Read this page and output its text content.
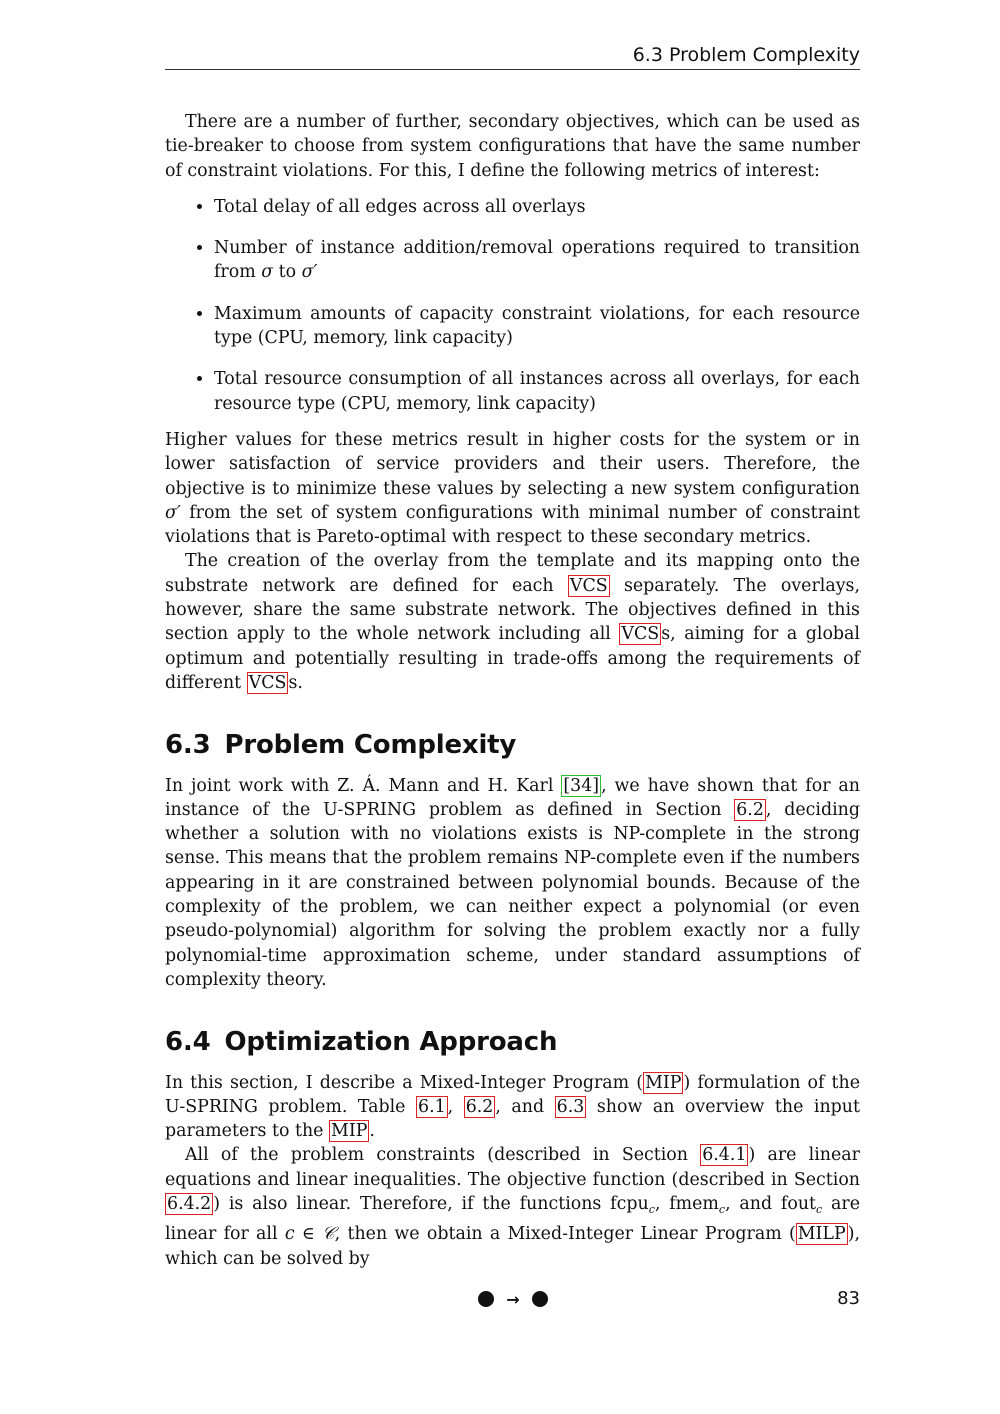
6.3 Problem Complexity

There are a number of further, secondary objectives, which can be used as tie-breaker to choose from system configurations that have the same number of constraint violations. For this, I define the following metrics of interest:

• Total delay of all edges across all overlays
• Number of instance addition/removal operations required to transition from σ to σ′
• Maximum amounts of capacity constraint violations, for each resource type (CPU, memory, link capacity)
• Total resource consumption of all instances across all overlays, for each resource type (CPU, memory, link capacity)

Higher values for these metrics result in higher costs for the system or in lower satisfaction of service providers and their users. Therefore, the objective is to minimize these values by selecting a new system configuration σ′ from the set of system configurations with minimal number of constraint violations that is Pareto-optimal with respect to these secondary metrics.

The creation of the overlay from the template and its mapping onto the substrate network are defined for each VCS separately. The overlays, however, share the same substrate network. The objectives defined in this section apply to the whole network including all VCS s, aiming for a global optimum and potentially resulting in trade-offs among the requirements of different VCS s.

6.3 Problem Complexity

In joint work with Z. Á. Mann and H. Karl [34] , we have shown that for an instance of the U-SPRING problem as defined in Section 6.2 , deciding whether a solution with no violations exists is NP-complete in the strong sense. This means that the problem remains NP-complete even if the numbers appearing in it are constrained between polynomial bounds. Because of the complexity of the problem, we can neither expect a polynomial (or even pseudo-polynomial) algorithm for solving the problem exactly nor a fully polynomial-time approximation scheme, under standard assumptions of complexity theory.

6.4 Optimization Approach

In this section, I describe a Mixed-Integer Program ( MIP ) formulation of the U-SPRING problem. Table 6.1 , 6.2 , and 6.3 show an overview the input parameters to the MIP .

All of the problem constraints (described in Section 6.4.1 ) are linear equations and linear inequalities. The objective function (described in Section 6.4.2 ) is also linear. Therefore, if the functions fcpu$_c$, fmem$_c$, and fout$_c$ are linear for all c ∈ 𝒞, then we obtain a Mixed-Integer Linear Program ( MILP ), which can be solved by

→	83
